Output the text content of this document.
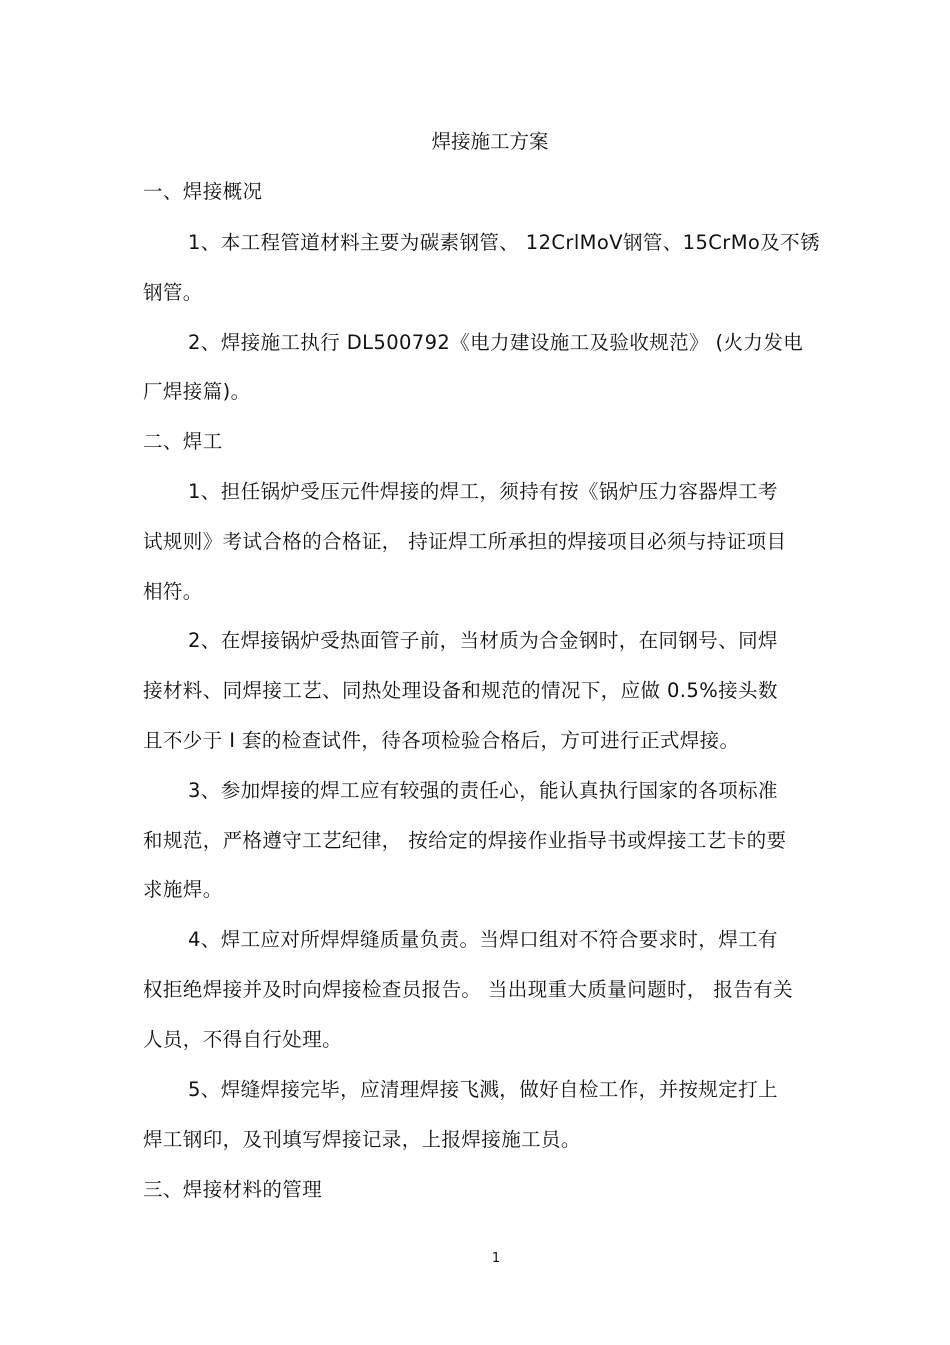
焊接施工方案
一、焊接概况
1、本工程管道材料主要为碳素钢管、 12CrlMoV钢管、15CrMo及不锈
钢管。
2、焊接施工执行 DL500792《电力建设施工及验收规范》 (火力发电
厂焊接篇)。
二、焊工
1、担任锅炉受压元件焊接的焊工，须持有按《锅炉压力容器焊工考
试规则》考试合格的合格证， 持证焊工所承担的焊接项目必须与持证项目
相符。
2、在焊接锅炉受热面管子前，当材质为合金钢时，在同钢号、同焊
接材料、同焊接工艺、同热处理设备和规范的情况下，应做 0.5%接头数
且不少于 I 套的检查试件，待各项检验合格后，方可进行正式焊接。
3、参加焊接的焊工应有较强的责任心，能认真执行国家的各项标准
和规范，严格遵守工艺纪律， 按给定的焊接作业指导书或焊接工艺卡的要
求施焊。
4、焊工应对所焊焊缝质量负责。当焊口组对不符合要求时，焊工有
权拒绝焊接并及时向焊接检查员报告。 当出现重大质量问题时， 报告有关
人员，不得自行处理。
5、焊缝焊接完毕，应清理焊接飞溅，做好自检工作，并按规定打上
焊工钢印，及刊填写焊接记录，上报焊接施工员。
三、焊接材料的管理
1
